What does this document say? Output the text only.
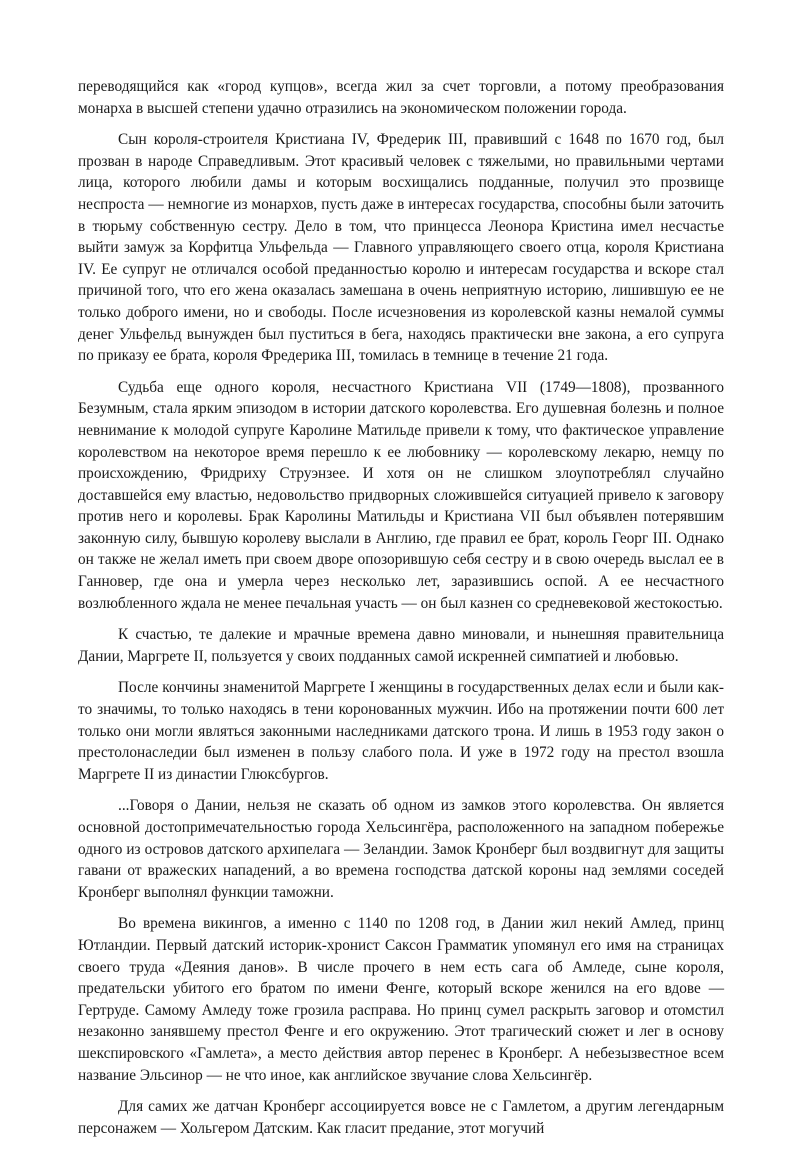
переводящийся как «город купцов», всегда жил за счет торговли, а потому преобразования монарха в высшей степени удачно отразились на экономическом положении города.

Сын короля-строителя Кристиана IV, Фредерик III, правивший с 1648 по 1670 год, был прозван в народе Справедливым. Этот красивый человек с тяжелыми, но правильными чертами лица, которого любили дамы и которым восхищались подданные, получил это прозвище неспроста — немногие из монархов, пусть даже в интересах государства, способны были заточить в тюрьму собственную сестру. Дело в том, что принцесса Леонора Кристина имел несчастье выйти замуж за Корфитца Ульфельда — Главного управляющего своего отца, короля Кристиана IV. Ее супруг не отличался особой преданностью королю и интересам государства и вскоре стал причиной того, что его жена оказалась замешана в очень неприятную историю, лишившую ее не только доброго имени, но и свободы. После исчезновения из королевской казны немалой суммы денег Ульфельд вынужден был пуститься в бега, находясь практически вне закона, а его супруга по приказу ее брата, короля Фредерика III, томилась в темнице в течение 21 года.

Судьба еще одного короля, несчастного Кристиана VII (1749—1808), прозванного Безумным, стала ярким эпизодом в истории датского королевства. Его душевная болезнь и полное невнимание к молодой супруге Каролине Матильде привели к тому, что фактическое управление королевством на некоторое время перешло к ее любовнику — королевскому лекарю, немцу по происхождению, Фридриху Струэнзее. И хотя он не слишком злоупотреблял случайно доставшейся ему властью, недовольство придворных сложившейся ситуацией привело к заговору против него и королевы. Брак Каролины Матильды и Кристиана VII был объявлен потерявшим законную силу, бывшую королеву выслали в Англию, где правил ее брат, король Георг III. Однако он также не желал иметь при своем дворе опозорившую себя сестру и в свою очередь выслал ее в Ганновер, где она и умерла через несколько лет, заразившись оспой. А ее несчастного возлюбленного ждала не менее печальная участь — он был казнен со средневековой жестокостью.

К счастью, те далекие и мрачные времена давно миновали, и нынешняя правительница Дании, Маргрете II, пользуется у своих подданных самой искренней симпатией и любовью.

После кончины знаменитой Маргрете I женщины в государственных делах если и были как-то значимы, то только находясь в тени коронованных мужчин. Ибо на протяжении почти 600 лет только они могли являться законными наследниками датского трона. И лишь в 1953 году закон о престолонаследии был изменен в пользу слабого пола. И уже в 1972 году на престол взошла Маргрете II из династии Глюксбургов.

...Говоря о Дании, нельзя не сказать об одном из замков этого королевства. Он является основной достопримечательностью города Хельсингёра, расположенного на западном побережье одного из островов датского архипелага — Зеландии. Замок Кронберг был воздвигнут для защиты гавани от вражеских нападений, а во времена господства датской короны над землями соседей Кронберг выполнял функции таможни.

Во времена викингов, а именно с 1140 по 1208 год, в Дании жил некий Амлед, принц Ютландии. Первый датский историк-хронист Саксон Грамматик упомянул его имя на страницах своего труда «Деяния данов». В числе прочего в нем есть сага об Амледе, сыне короля, предательски убитого его братом по имени Фенге, который вскоре женился на его вдове — Гертруде. Самому Амледу тоже грозила расправа. Но принц сумел раскрыть заговор и отомстил незаконно занявшему престол Фенге и его окружению. Этот трагический сюжет и лег в основу шекспировского «Гамлета», а место действия автор перенес в Кронберг. А небезызвестное всем название Эльсинор — не что иное, как английское звучание слова Хельсингёр.

Для самих же датчан Кронберг ассоциируется вовсе не с Гамлетом, а другим легендарным персонажем — Хольгером Датским. Как гласит предание, этот могучий
